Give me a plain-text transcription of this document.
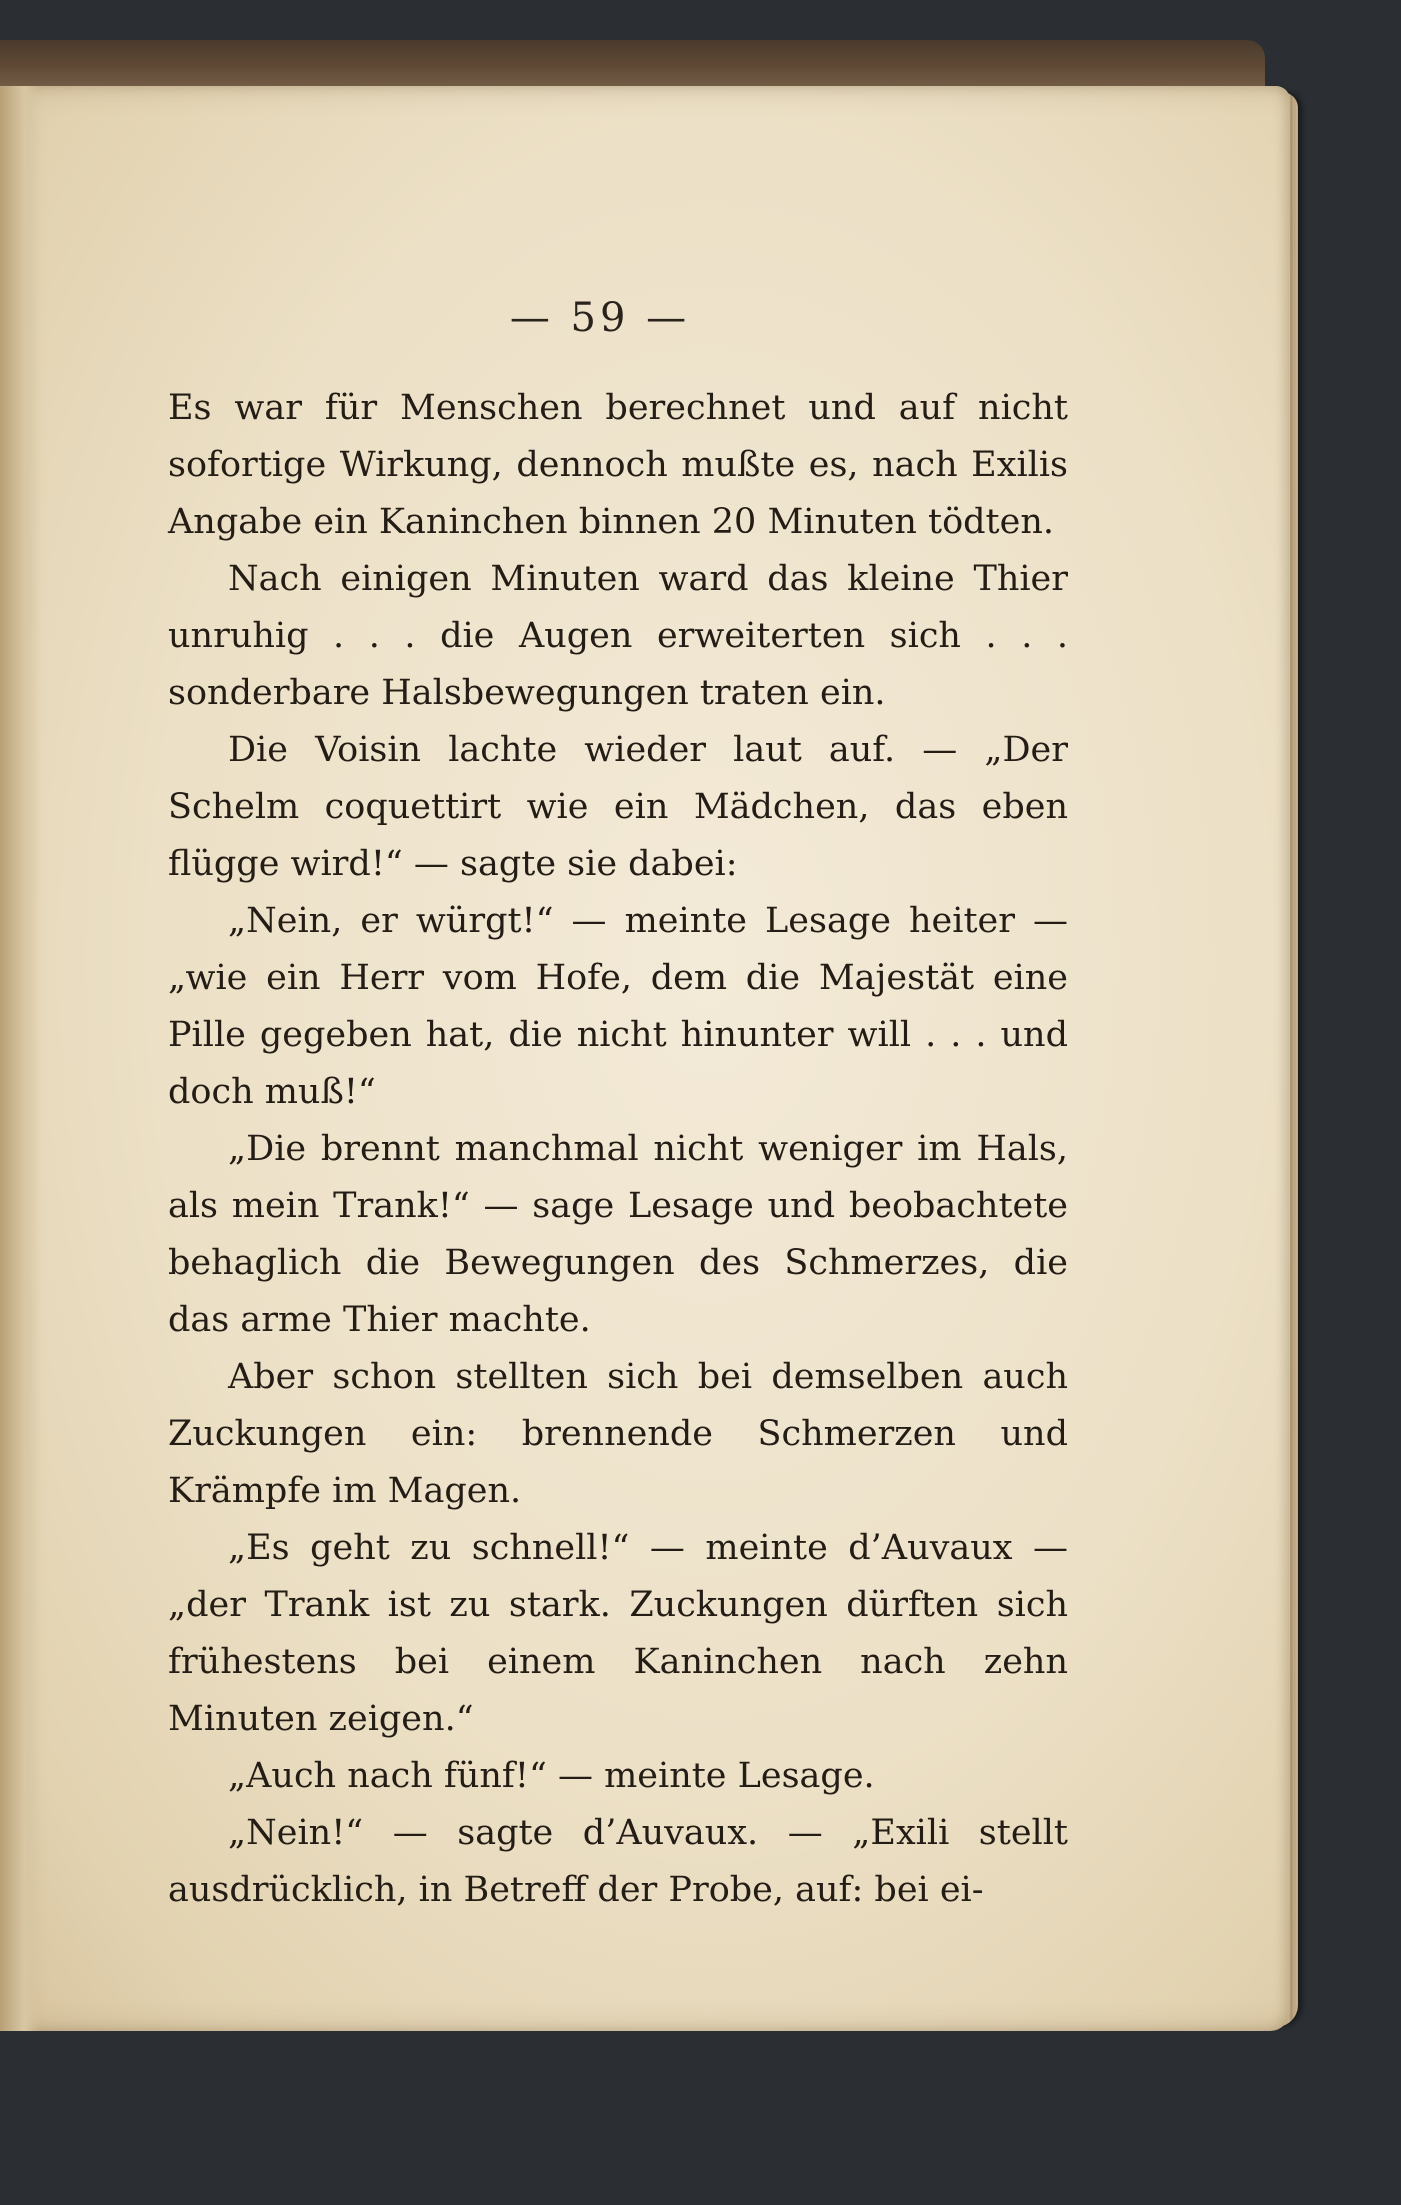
— 59 —

Es war für Menschen berechnet und auf nicht sofortige Wirkung, dennoch mußte es, nach Exilis Angabe ein Kaninchen binnen 20 Minuten tödten.

Nach einigen Minuten ward das kleine Thier unruhig . . . die Augen erweiterten sich . . . sonderbare Halsbewegungen traten ein.

Die Voisin lachte wieder laut auf. — „Der Schelm coquettirt wie ein Mädchen, das eben flügge wird!“ — sagte sie dabei:

„Nein, er würgt!“ — meinte Lesage heiter — „wie ein Herr vom Hofe, dem die Majestät eine Pille gegeben hat, die nicht hinunter will . . . und doch muß!“

„Die brennt manchmal nicht weniger im Hals, als mein Trank!“ — sage Lesage und beobachtete behaglich die Bewegungen des Schmerzes, die das arme Thier machte.

Aber schon stellten sich bei demselben auch Zuckungen ein: brennende Schmerzen und Krämpfe im Magen.

„Es geht zu schnell!“ — meinte d’Auvaux — „der Trank ist zu stark. Zuckungen dürften sich frühestens bei einem Kaninchen nach zehn Minuten zeigen.“

„Auch nach fünf!“ — meinte Lesage.

„Nein!“ — sagte d’Auvaux. — „Exili stellt ausdrücklich, in Betreff der Probe, auf: bei ei-
